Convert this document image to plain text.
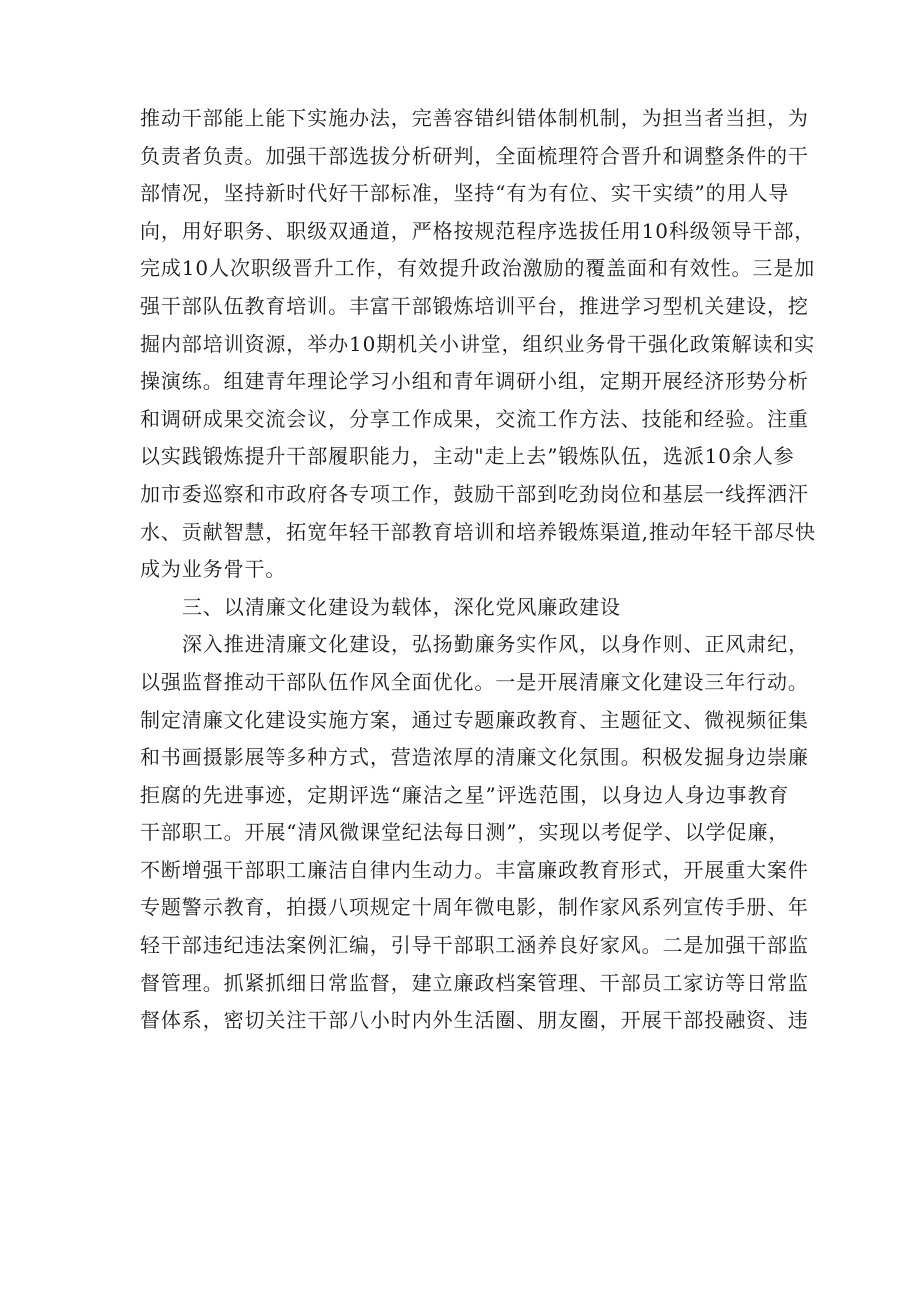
推动干部能上能下实施办法，完善容错纠错体制机制，为担当者当担，为
负责者负责。加强干部选拔分析研判，全面梳理符合晋升和调整条件的干
部情况，坚持新时代好干部标准，坚持“有为有位、实干实绩”的用人导
向，用好职务、职级双通道，严格按规范程序选拔任用10科级领导干部，
完成10人次职级晋升工作，有效提升政治激励的覆盖面和有效性。三是加
强干部队伍教育培训。丰富干部锻炼培训平台，推进学习型机关建设，挖
掘内部培训资源，举办10期机关小讲堂，组织业务骨干强化政策解读和实
操演练。组建青年理论学习小组和青年调研小组，定期开展经济形势分析
和调研成果交流会议，分享工作成果，交流工作方法、技能和经验。注重
以实践锻炼提升干部履职能力，主动"走上去”锻炼队伍，选派10余人参
加市委巡察和市政府各专项工作，鼓励干部到吃劲岗位和基层一线挥洒汗
水、贡献智慧，拓宽年轻干部教育培训和培养锻炼渠道,推动年轻干部尽快
成为业务骨干。
三、以清廉文化建设为载体，深化党风廉政建设
深入推进清廉文化建设，弘扬勤廉务实作风，以身作则、正风肃纪，
以强监督推动干部队伍作风全面优化。一是开展清廉文化建设三年行动。
制定清廉文化建设实施方案，通过专题廉政教育、主题征文、微视频征集
和书画摄影展等多种方式，营造浓厚的清廉文化氛围。积极发掘身边崇廉
拒腐的先进事迹，定期评选“廉洁之星”评选范围，以身边人身边事教育
干部职工。开展“清风微课堂纪法每日测”，实现以考促学、以学促廉，
不断增强干部职工廉洁自律内生动力。丰富廉政教育形式，开展重大案件
专题警示教育，拍摄八项规定十周年微电影，制作家风系列宣传手册、年
轻干部违纪违法案例汇编，引导干部职工涵养良好家风。二是加强干部监
督管理。抓紧抓细日常监督，建立廉政档案管理、干部员工家访等日常监
督体系，密切关注干部八小时内外生活圈、朋友圈，开展干部投融资、违
